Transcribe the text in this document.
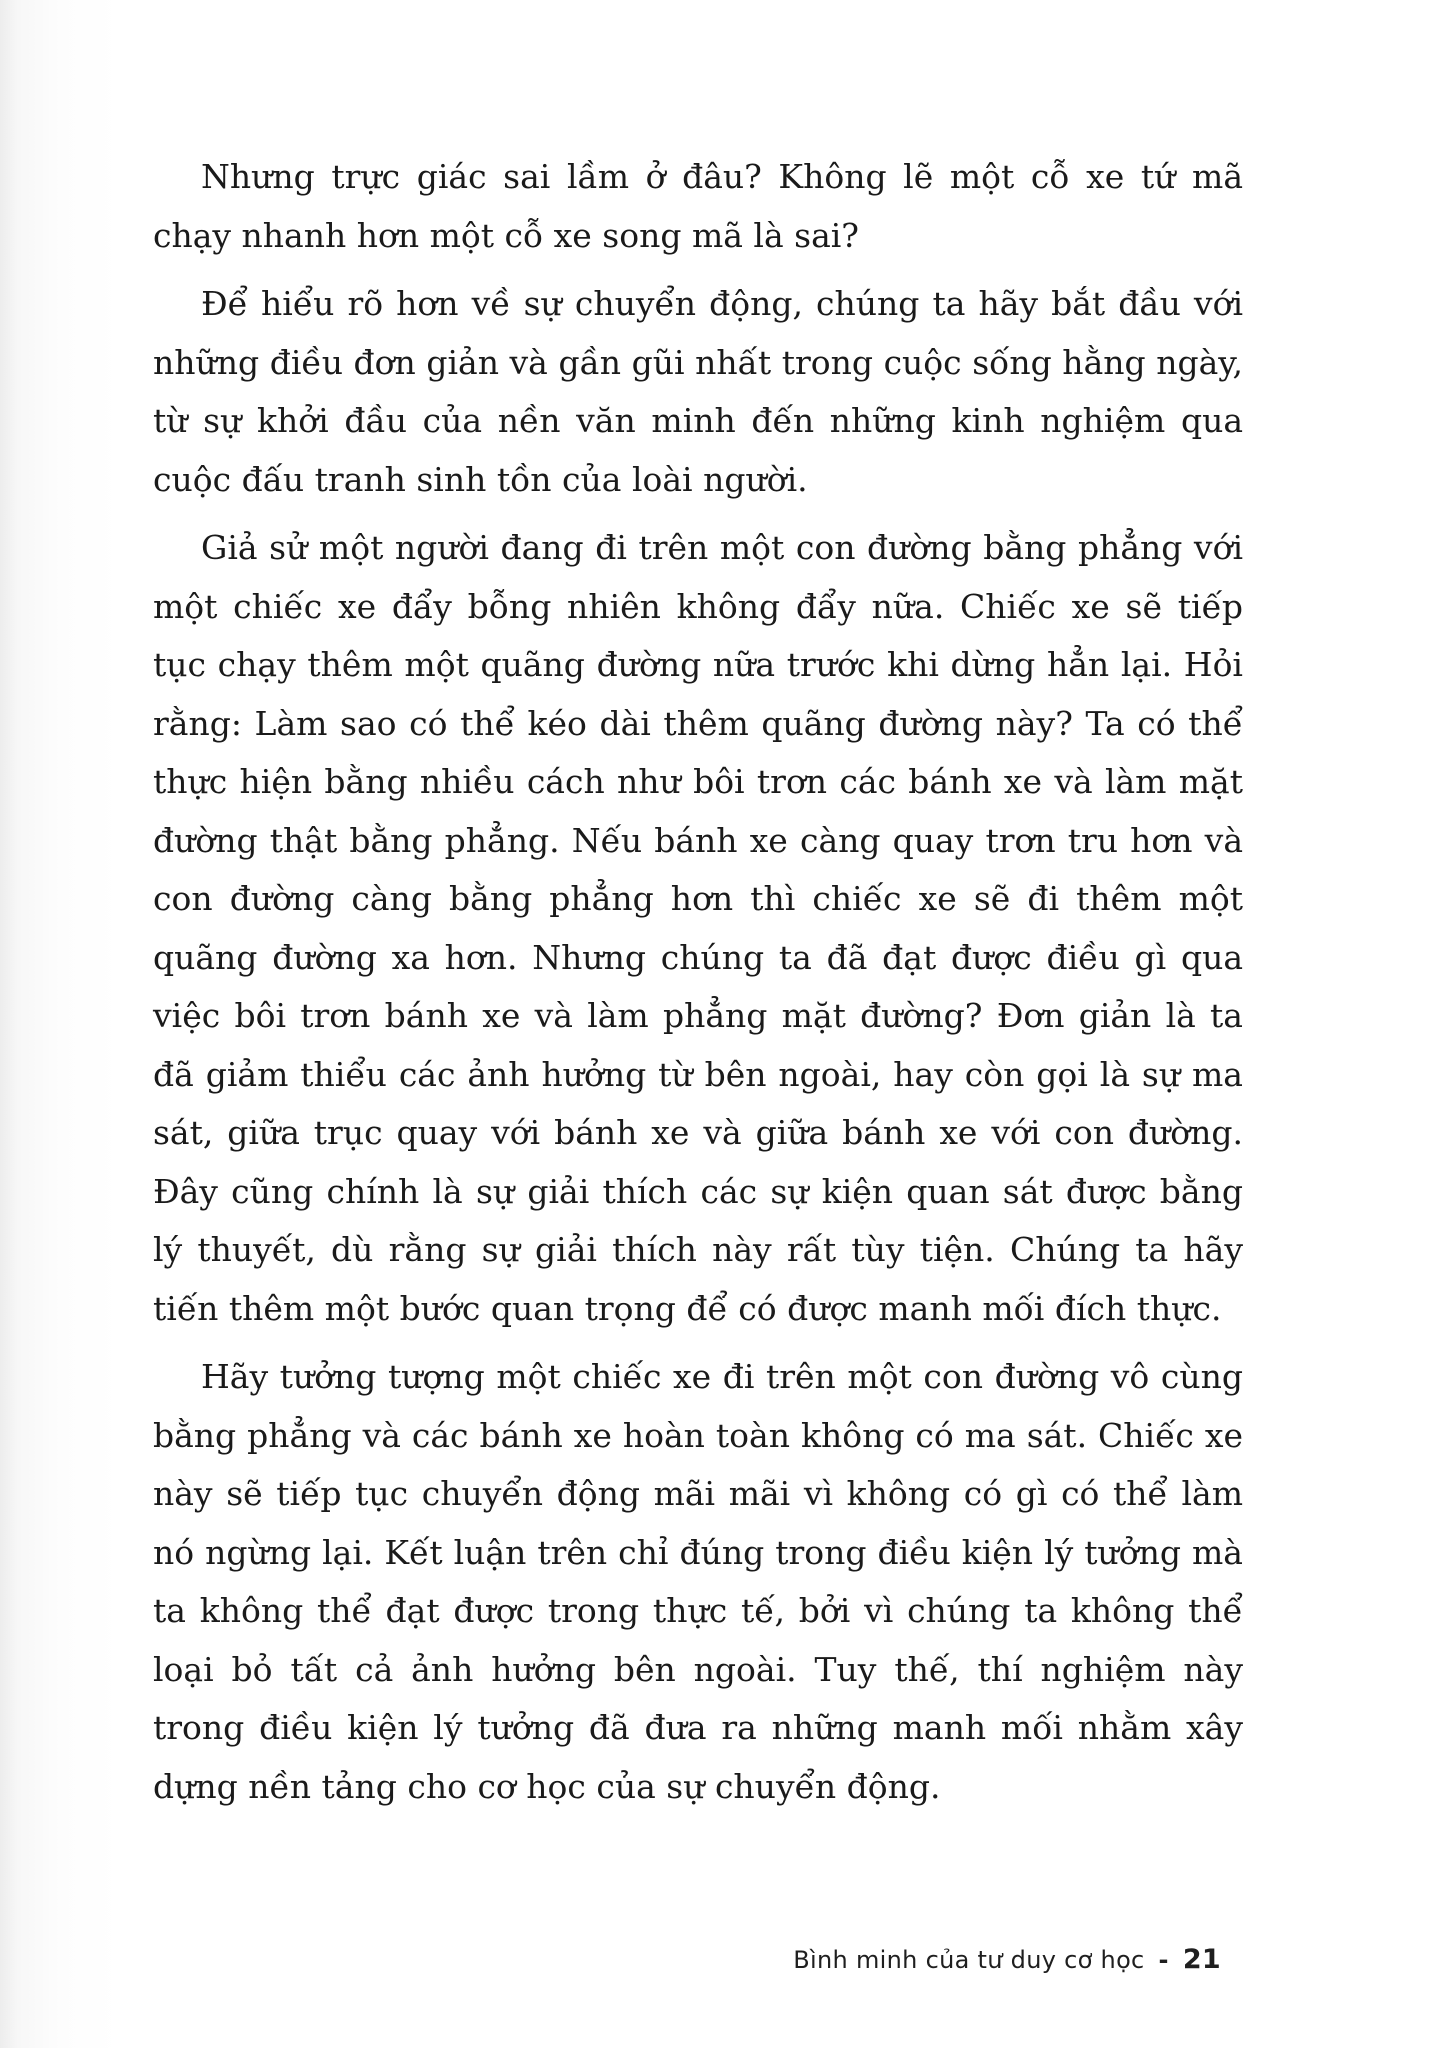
Nhưng trực giác sai lầm ở đâu? Không lẽ một cỗ xe tứ mã chạy nhanh hơn một cỗ xe song mã là sai?

Để hiểu rõ hơn về sự chuyển động, chúng ta hãy bắt đầu với những điều đơn giản và gần gũi nhất trong cuộc sống hằng ngày, từ sự khởi đầu của nền văn minh đến những kinh nghiệm qua cuộc đấu tranh sinh tồn của loài người.

Giả sử một người đang đi trên một con đường bằng phẳng với một chiếc xe đẩy bỗng nhiên không đẩy nữa. Chiếc xe sẽ tiếp tục chạy thêm một quãng đường nữa trước khi dừng hẳn lại. Hỏi rằng: Làm sao có thể kéo dài thêm quãng đường này? Ta có thể thực hiện bằng nhiều cách như bôi trơn các bánh xe và làm mặt đường thật bằng phẳng. Nếu bánh xe càng quay trơn tru hơn và con đường càng bằng phẳng hơn thì chiếc xe sẽ đi thêm một quãng đường xa hơn. Nhưng chúng ta đã đạt được điều gì qua việc bôi trơn bánh xe và làm phẳng mặt đường? Đơn giản là ta đã giảm thiểu các ảnh hưởng từ bên ngoài, hay còn gọi là sự ma sát, giữa trục quay với bánh xe và giữa bánh xe với con đường. Đây cũng chính là sự giải thích các sự kiện quan sát được bằng lý thuyết, dù rằng sự giải thích này rất tùy tiện. Chúng ta hãy tiến thêm một bước quan trọng để có được manh mối đích thực.

Hãy tưởng tượng một chiếc xe đi trên một con đường vô cùng bằng phẳng và các bánh xe hoàn toàn không có ma sát. Chiếc xe này sẽ tiếp tục chuyển động mãi mãi vì không có gì có thể làm nó ngừng lại. Kết luận trên chỉ đúng trong điều kiện lý tưởng mà ta không thể đạt được trong thực tế, bởi vì chúng ta không thể loại bỏ tất cả ảnh hưởng bên ngoài. Tuy thế, thí nghiệm này trong điều kiện lý tưởng đã đưa ra những manh mối nhằm xây dựng nền tảng cho cơ học của sự chuyển động.

Bình minh của tư duy cơ học - 21
